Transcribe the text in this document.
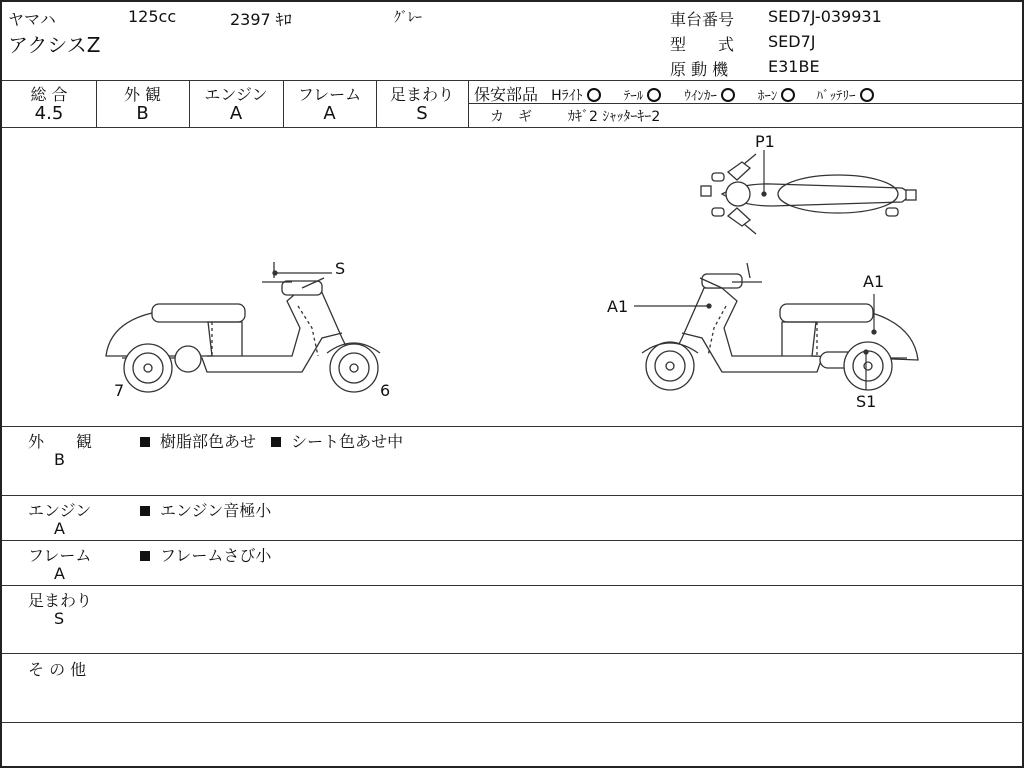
ヤマハ	125cc	2397 ｷﾛ	ｸﾞﾚｰ
アクシスZ
車台番号 SED7J-039931
型　　式 SED7J
原 動 機 E31BE
総 合
4.5
外 観
B
エンジン
A
フレーム
A
足まわり
S
保安部品 Hﾗｲﾄ	ﾃｰﾙ	ｳｲﾝｶｰ	ﾎｰﾝ	ﾊﾞｯﾃﾘｰ
カ　ギ	ｶｷﾞ2 ｼｬｯﾀｰｷｰ2
S
7	6
P1
A1
A1
S1
外　　観
B
樹脂部色あせ シート色あせ中
エンジン
A
エンジン音極小
フレーム
A
フレームさび小
足まわり
S
そ の 他
